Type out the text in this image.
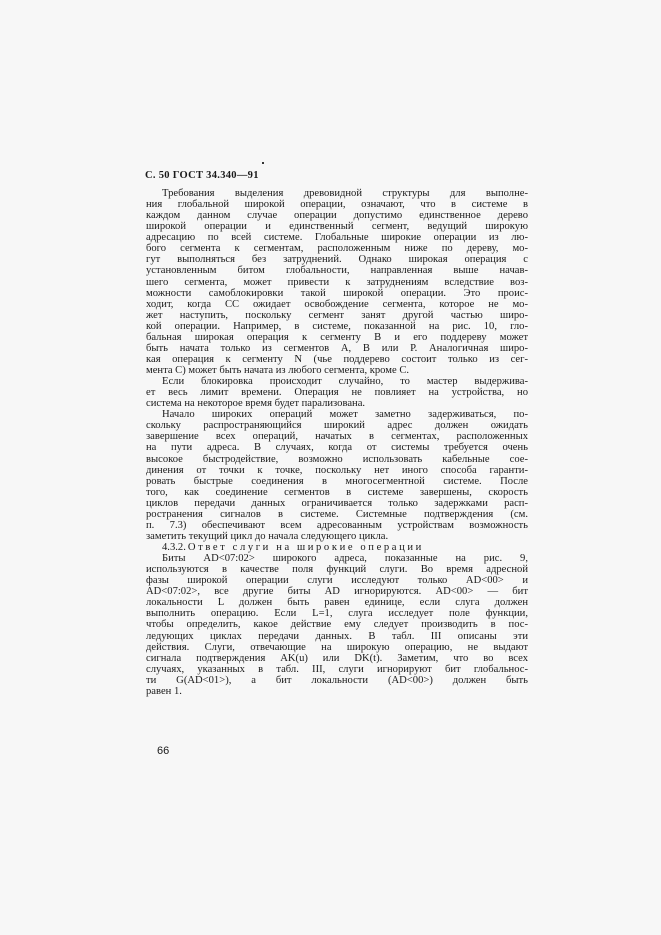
С. 50 ГОСТ 34.340—91
Требования выделения древовидной структуры для выполне-
ния глобальной широкой операции, означают, что в системе в
каждом данном случае операции допустимо единственное дерево
широкой операции и единственный сегмент, ведущий широкую
адресацию по всей системе. Глобальные широкие операции из лю-
бого сегмента к сегментам, расположенным ниже по дереву, мо-
гут выполняться без затруднений. Однако широкая операция с
установленным битом глобальности, направленная выше начав-
шего сегмента, может привести к затруднениям вследствие воз-
можности самоблокировки такой широкой операции. Это проис-
ходит, когда СС ожидает освобождение сегмента, которое не мо-
жет наступить, поскольку сегмент занят другой частью широ-
кой операции. Например, в системе, показанной на рис. 10, гло-
бальная широкая операция к сегменту В и его поддереву может
быть начата только из сегментов А, В или Р. Аналогичная широ-
кая операция к сегменту N (чье поддерево состоит только из сег-
мента С) может быть начата из любого сегмента, кроме С.
Если блокировка происходит случайно, то мастер выдержива-
ет весь лимит времени. Операция не повлияет на устройства, но
система на некоторое время будет парализована.
Начало широких операций может заметно задерживаться, по-
скольку распространяющийся широкий адрес должен ожидать
завершение всех операций, начатых в сегментах, расположенных
на пути адреса. В случаях, когда от системы требуется очень
высокое быстродействие, возможно использовать кабельные сое-
динения от точки к точке, поскольку нет иного способа гаранти-
ровать быстрые соединения в многосегментной системе. После
того, как соединение сегментов в системе завершены, скорость
циклов передачи данных ограничивается только задержками расп-
ространения сигналов в системе. Системные подтверждения (см.
п. 7.3) обеспечивают всем адресованным устройствам возможность
заметить текущий цикл до начала следующего цикла.
4.3.2. Ответ слуги на широкие операции
Биты AD<07:02> широкого адреса, показанные на рис. 9,
используются в качестве поля функций слуги. Во время адресной
фазы широкой операции слуги исследуют только AD<00> и
AD<07:02>, все другие биты AD игнорируются. AD<00> — бит
локальности L должен быть равен единице, если слуга должен
выполнить операцию. Если L=1, слуга исследует поле функции,
чтобы определить, какое действие ему следует производить в пос-
ледующих циклах передачи данных. В табл. III описаны эти
действия. Слуги, отвечающие на широкую операцию, не выдают
сигнала подтверждения AK(u) или DK(t). Заметим, что во всех
случаях, указанных в табл. III, слуги игнорируют бит глобальнос-
ти G(AD<01>), а бит локальности (AD<00>) должен быть
равен 1.
66
